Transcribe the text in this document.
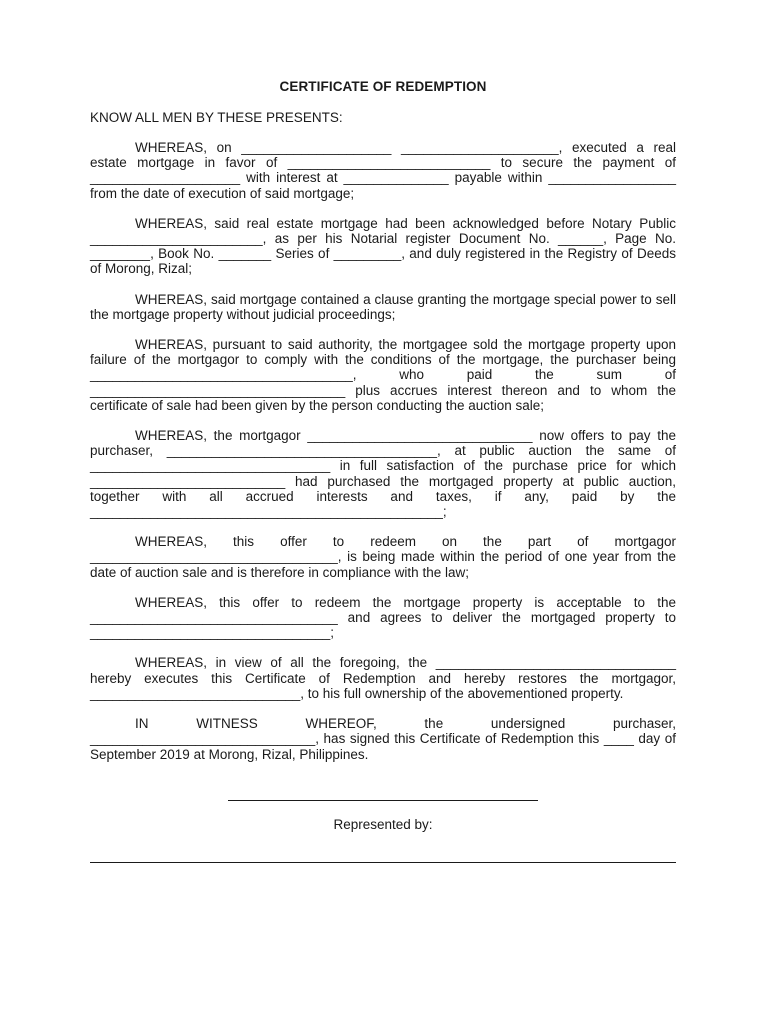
CERTIFICATE OF REDEMPTION
KNOW ALL MEN BY THESE PRESENTS:

WHEREAS, on ____________________ _____________________, executed a real estate mortgage in favor of ___________________________ to secure the payment of ____________________ with interest at ______________ payable within _________________ from the date of execution of said mortgage;

WHEREAS, said real estate mortgage had been acknowledged before Notary Public _______________________, as per his Notarial register Document No. ______, Page No. ________, Book No. _______ Series of _________, and duly registered in the Registry of Deeds of Morong, Rizal;

WHEREAS, said mortgage contained a clause granting the mortgage special power to sell the mortgage property without judicial proceedings;

WHEREAS, pursuant to said authority, the mortgagee sold the mortgage property upon failure of the mortgagor to comply with the conditions of the mortgage, the purchaser being ___________________________________, who paid the sum of __________________________________ plus accrues interest thereon and to whom the certificate of sale had been given by the person conducting the auction sale;

WHEREAS, the mortgagor ______________________________ now offers to pay the purchaser, ____________________________________, at public auction the same of ________________________________ in full satisfaction of the purchase price for which __________________________ had purchased the mortgaged property at public auction, together with all accrued interests and taxes, if any, paid by the _______________________________________________;

WHEREAS, this offer to redeem on the part of mortgagor _________________________________, is being made within the period of one year from the date of auction sale and is therefore in compliance with the law;

WHEREAS, this offer to redeem the mortgage property is acceptable to the _________________________________ and agrees to deliver the mortgaged property to ________________________________;

WHEREAS, in view of all the foregoing, the ________________________________ hereby executes this Certificate of Redemption and hereby restores the mortgagor, ____________________________, to his full ownership of the abovementioned property.

IN WITNESS WHEREOF, the undersigned purchaser, ______________________________, has signed this Certificate of Redemption this ____ day of September 2019 at Morong, Rizal, Philippines.

Represented by:
